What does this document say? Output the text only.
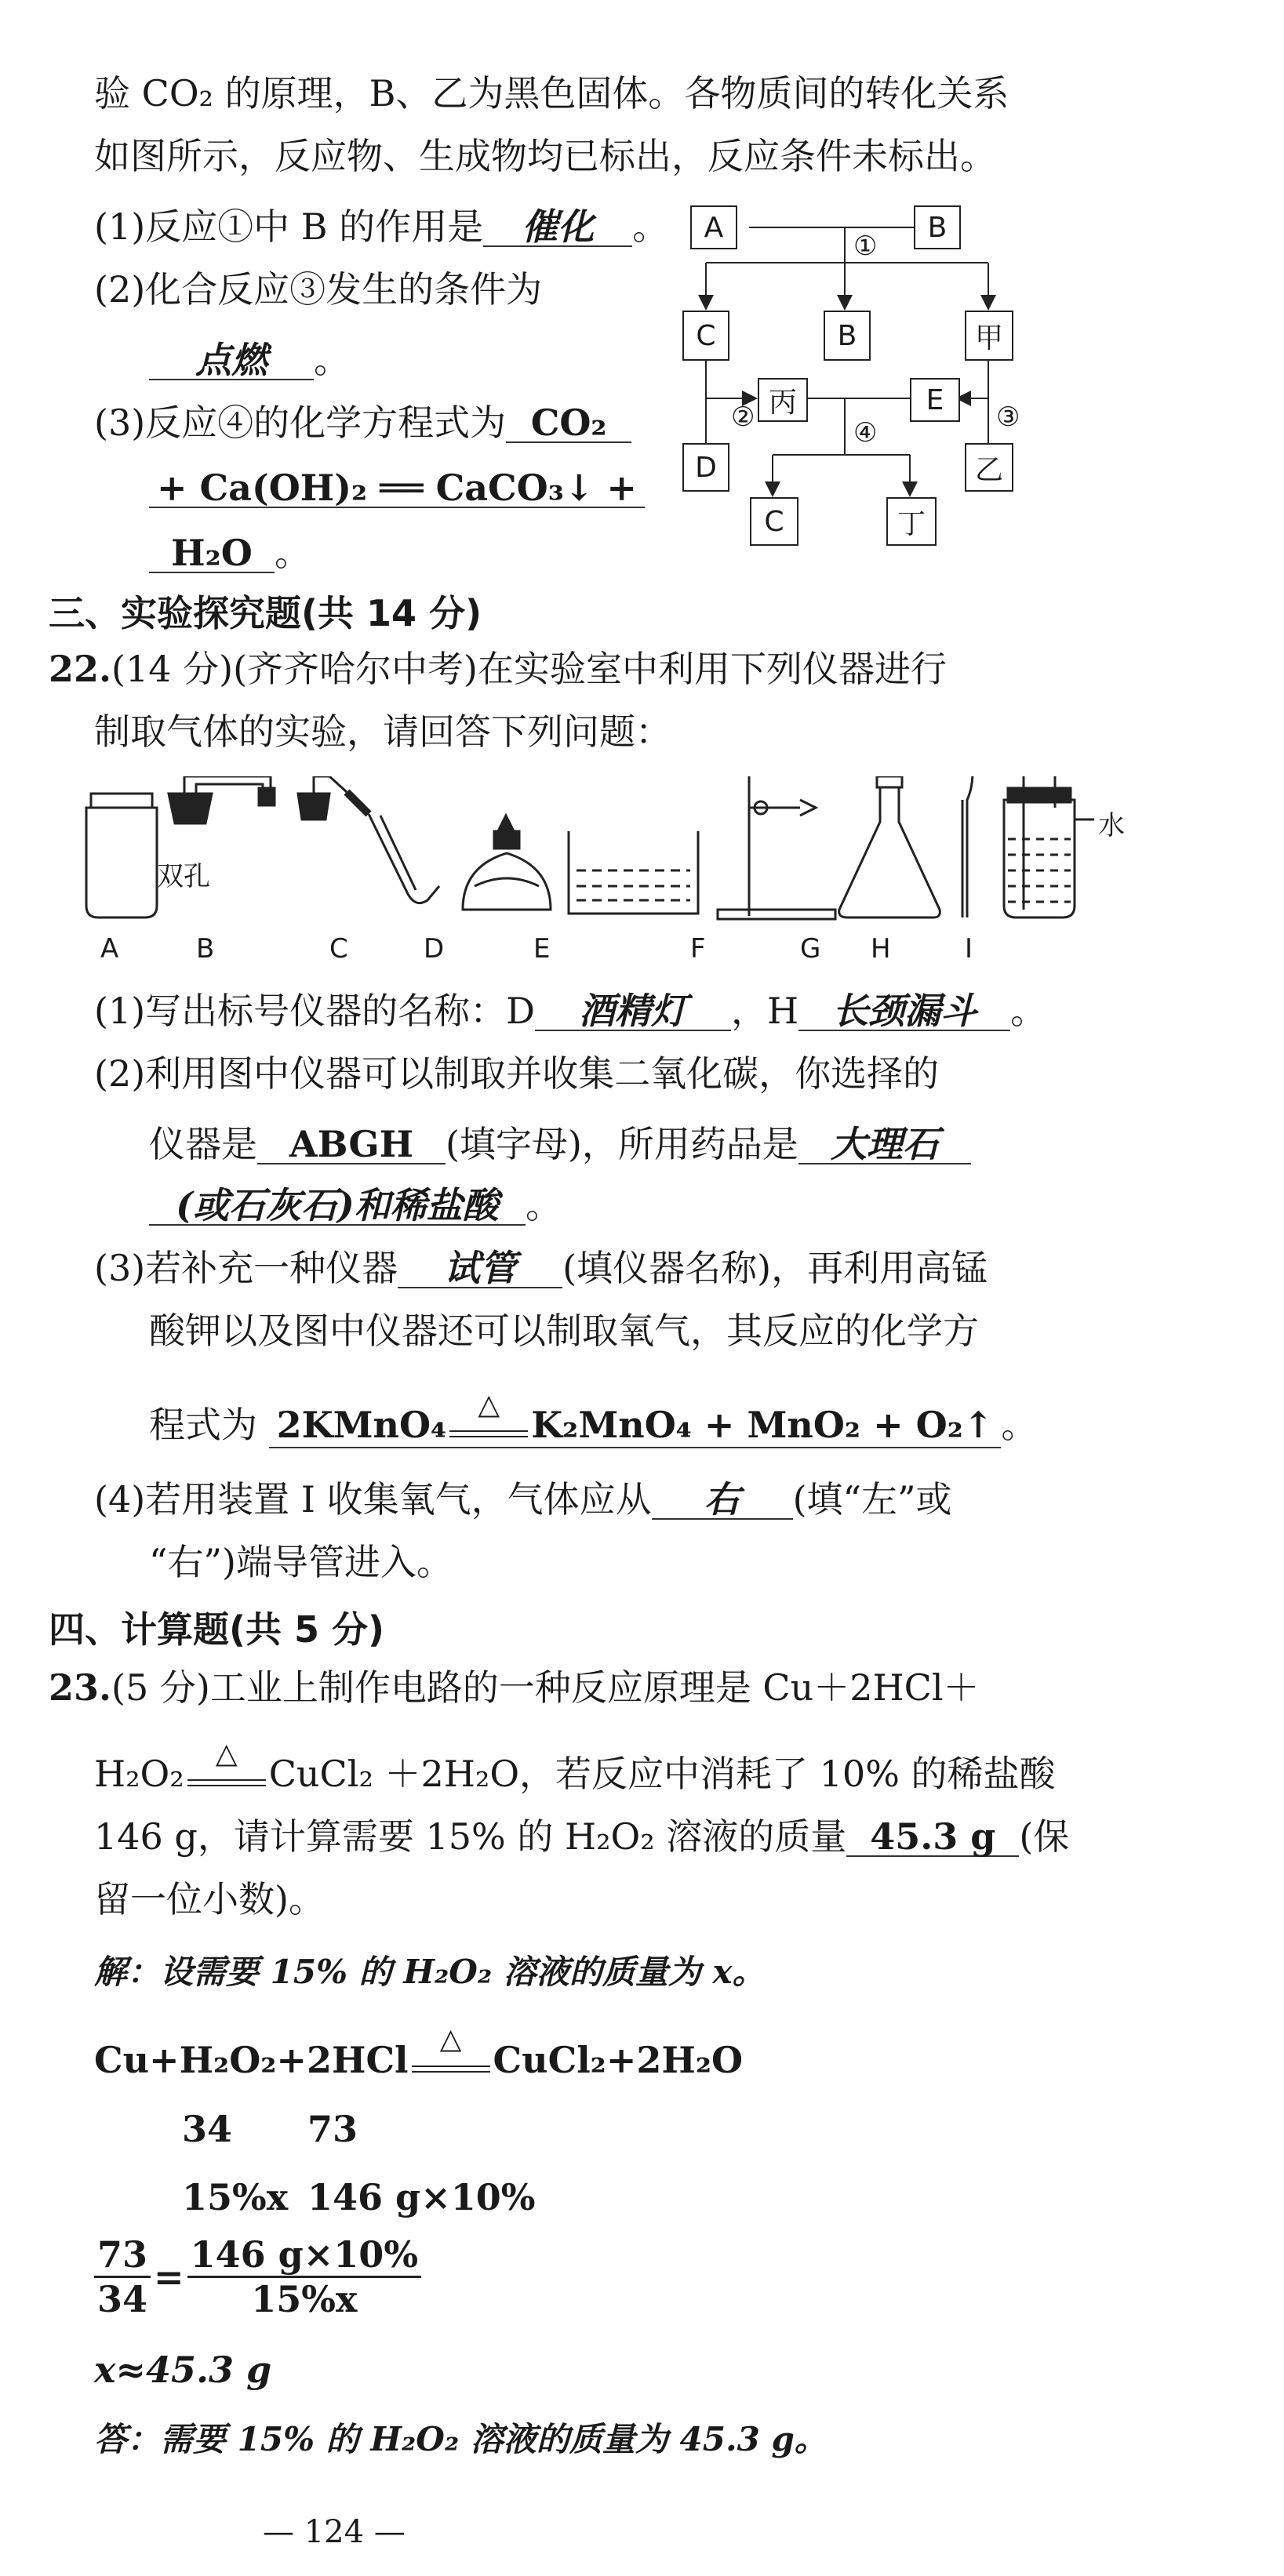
验 CO₂ 的原理，B、乙为黑色固体。各物质间的转化关系
如图所示，反应物、生成物均已标出，反应条件未标出。
(1)反应①中 B 的作用是 催化 。
(2)化合反应③发生的条件为
点燃 。
(3)反应④的化学方程式为 CO₂
+ Ca(OH)₂ ══ CaCO₃↓ +
H₂O 。
A	B
C	B	甲
丙	E
D	乙
C	丁
①
②	④	③
三、实验探究题(共 14 分)
22.(14 分)(齐齐哈尔中考)在实验室中利用下列仪器进行
制取气体的实验，请回答下列问题：
双孔
水
A	B	C	D	E	F	G H	I
(1)写出标号仪器的名称：D 酒精灯 ，H 长颈漏斗 。
(2)利用图中仪器可以制取并收集二氧化碳，你选择的
仪器是 ABGH (填字母)，所用药品是 大理石
(或石灰石)和稀盐酸 。
(3)若补充一种仪器 试管 (填仪器名称)，再利用高锰
酸钾以及图中仪器还可以制取氧气，其反应的化学方
程式为 2KMnO₄	△ K₂MnO₄ + MnO₂ + O₂↑ 。
(4)若用装置 I 收集氧气，气体应从 右 (填“左”或
“右”)端导管进入。
四、计算题(共 5 分)
23.(5 分)工业上制作电路的一种反应原理是 Cu＋2HCl＋
H₂O₂	△ CuCl₂ ＋2H₂O，若反应中消耗了 10% 的稀盐酸
146 g，请计算需要 15% 的 H₂O₂ 溶液的质量 45.3 g (保
留一位小数)。
解：设需要 15% 的 H₂O₂ 溶液的质量为 x。
Cu+H₂O₂+2HCl	△ CuCl₂+2H₂O
34 73
15%x 146 g×10%
$\frac{73}{34} = \frac{146 g\times 10\%}{15\%x}$
x≈45.3 g
答：需要 15% 的 H₂O₂ 溶液的质量为 45.3 g。
— 124 —
